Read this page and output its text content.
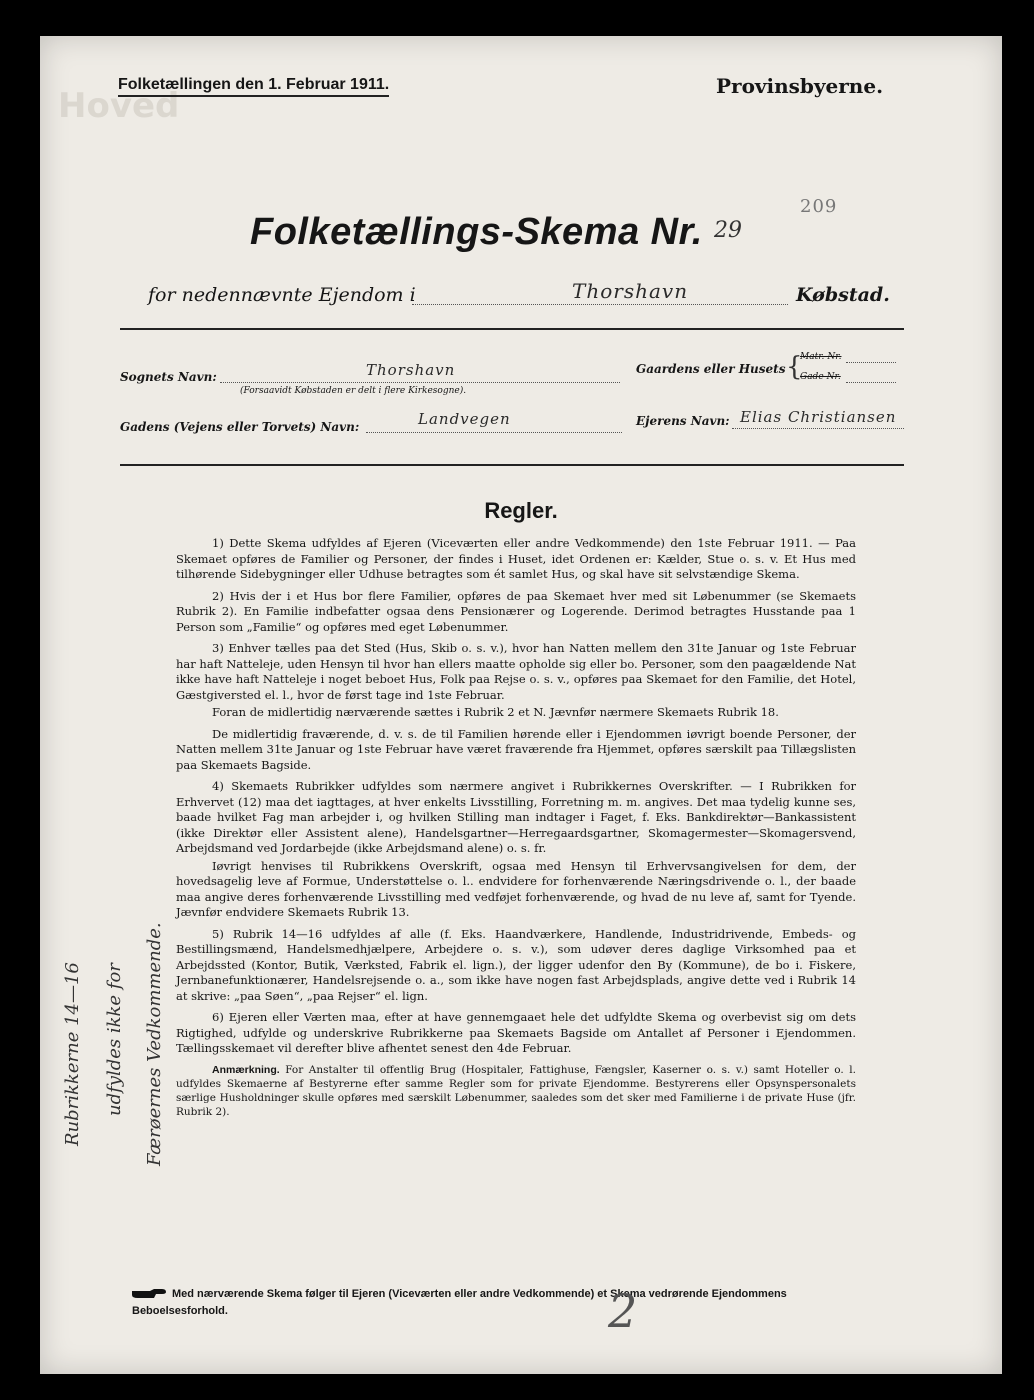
Hoved
Folketællingen den 1. Februar 1911.	Provinsbyerne.
209
Folketællings-Skema Nr. 29
for nedennævnte Ejendom i	Thorshavn	Købstad.
Sognets Navn:	Thorshavn
(Forsaavidt Købstaden er delt i flere Kirkesogne).
Gaardens eller Husets {
Matr.-Nr.
Gade-Nr.
Gadens (Vejens eller Torvets) Navn:	Landvegen	Ejerens Navn: Elias Christiansen
Regler.

1) Dette Skema udfyldes af Ejeren (Viceværten eller andre Vedkommende) den 1ste Februar 1911. — Paa Skemaet opføres de Familier og Personer, der findes i Huset, idet Ordenen er: Kælder, Stue o. s. v. Et Hus med tilhørende Sidebygninger eller Udhuse betragtes som ét samlet Hus, og skal have sit selvstændige Skema.

2) Hvis der i et Hus bor flere Familier, opføres de paa Skemaet hver med sit Løbenummer (se Skemaets Rubrik 2). En Familie indbefatter ogsaa dens Pensionærer og Logerende. Derimod betragtes Husstande paa 1 Person som „Familie“ og opføres med eget Løbenummer.

3) Enhver tælles paa det Sted (Hus, Skib o. s. v.), hvor han Natten mellem den 31te Januar og 1ste Februar har haft Natteleje, uden Hensyn til hvor han ellers maatte opholde sig eller bo. Personer, som den paagældende Nat ikke have haft Natteleje i noget beboet Hus, Folk paa Rejse o. s. v., opføres paa Skemaet for den Familie, det Hotel, Gæstgiversted el. l., hvor de først tage ind 1ste Februar.

Foran de midlertidig nærværende sættes i Rubrik 2 et N. Jævnfør nærmere Skemaets Rubrik 18.

De midlertidig fraværende, d. v. s. de til Familien hørende eller i Ejendommen iøvrigt boende Personer, der Natten mellem 31te Januar og 1ste Februar have været fraværende fra Hjemmet, opføres særskilt paa Tillægslisten paa Skemaets Bagside.

4) Skemaets Rubrikker udfyldes som nærmere angivet i Rubrikkernes Overskrifter. — I Rubrikken for Erhvervet (12) maa det iagttages, at hver enkelts Livsstilling, Forretning m. m. angives. Det maa tydelig kunne ses, baade hvilket Fag man arbejder i, og hvilken Stilling man indtager i Faget, f. Eks. Bankdirektør—Bankassistent (ikke Direktør eller Assistent alene), Handelsgartner—Herregaardsgartner, Skomagermester—Skomagersvend, Arbejdsmand ved Jordarbejde (ikke Arbejdsmand alene) o. s. fr.

Iøvrigt henvises til Rubrikkens Overskrift, ogsaa med Hensyn til Erhvervsangivelsen for dem, der hovedsagelig leve af Formue, Understøttelse o. l.. endvidere for forhenværende Næringsdrivende o. l., der baade maa angive deres forhenværende Livsstilling med vedføjet forhenværende, og hvad de nu leve af, samt for Tyende. Jævnfør endvidere Skemaets Rubrik 13.

5) Rubrik 14—16 udfyldes af alle (f. Eks. Haandværkere, Handlende, Industridrivende, Embeds- og Bestillingsmænd, Handelsmedhjælpere, Arbejdere o. s. v.), som udøver deres daglige Virksomhed paa et Arbejdssted (Kontor, Butik, Værksted, Fabrik el. lign.), der ligger udenfor den By (Kommune), de bo i. Fiskere, Jernbanefunktionærer, Handelsrejsende o. a., som ikke have nogen fast Arbejdsplads, angive dette ved i Rubrik 14 at skrive: „paa Søen“, „paa Rejser“ el. lign.

6) Ejeren eller Værten maa, efter at have gennemgaaet hele det udfyldte Skema og overbevist sig om dets Rigtighed, udfylde og underskrive Rubrikkerne paa Skemaets Bagside om Antallet af Personer i Ejendommen. Tællingsskemaet vil derefter blive afhentet senest den 4de Februar.

Anmærkning. For Anstalter til offentlig Brug (Hospitaler, Fattighuse, Fængsler, Kaserner o. s. v.) samt Hoteller o. l. udfyldes Skemaerne af Bestyrerne efter samme Regler som for private Ejendomme. Bestyrerens eller Opsynspersonalets særlige Husholdninger skulle opføres med særskilt Løbenummer, saaledes som det sker med Familierne i de private Huse (jfr. Rubrik 2).

Rubrikkerne 14—16 udfyldes ikke for Færøernes Vedkommende.
Med nærværende Skema følger til Ejeren (Viceværten eller andre Vedkommende) et Skema vedrørende Ejendommens Beboelsesforhold.	2
